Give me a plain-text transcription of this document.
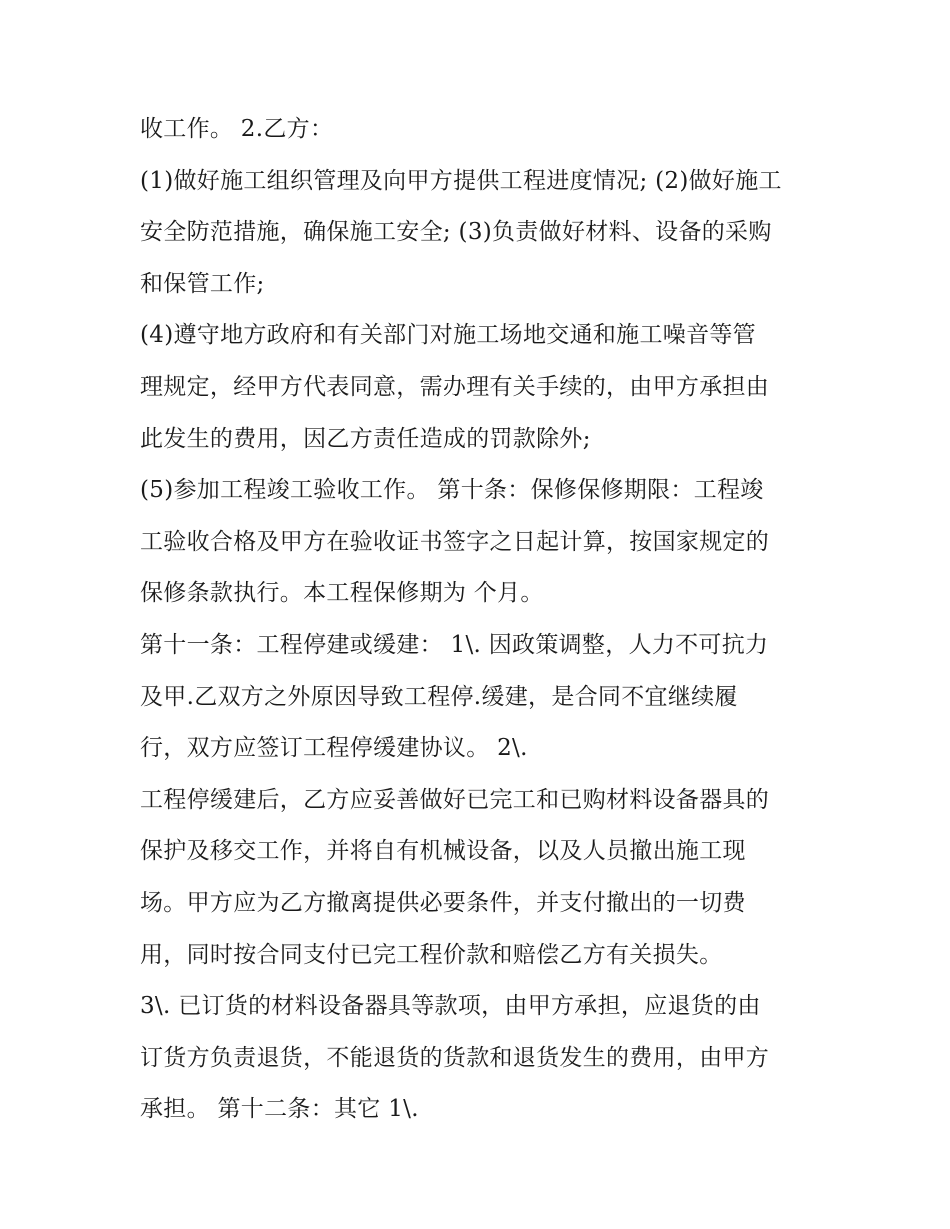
收工作。 2.乙方：
(1)做好施工组织管理及向甲方提供工程进度情况; (2)做好施工
安全防范措施，确保施工安全; (3)负责做好材料、设备的采购
和保管工作;
(4)遵守地方政府和有关部门对施工场地交通和施工噪音等管
理规定，经甲方代表同意，需办理有关手续的，由甲方承担由
此发生的费用，因乙方责任造成的罚款除外;
(5)参加工程竣工验收工作。 第十条：保修保修期限：工程竣
工验收合格及甲方在验收证书签字之日起计算，按国家规定的
保修条款执行。本工程保修期为 个月。
第十一条：工程停建或缓建： 1\. 因政策调整，人力不可抗力
及甲.乙双方之外原因导致工程停.缓建，是合同不宜继续履
行，双方应签订工程停缓建协议。 2\.
工程停缓建后，乙方应妥善做好已完工和已购材料设备器具的
保护及移交工作，并将自有机械设备，以及人员撤出施工现
场。甲方应为乙方撤离提供必要条件，并支付撤出的一切费
用，同时按合同支付已完工程价款和赔偿乙方有关损失。
3\. 已订货的材料设备器具等款项，由甲方承担，应退货的由
订货方负责退货，不能退货的货款和退货发生的费用，由甲方
承担。 第十二条：其它 1\.
